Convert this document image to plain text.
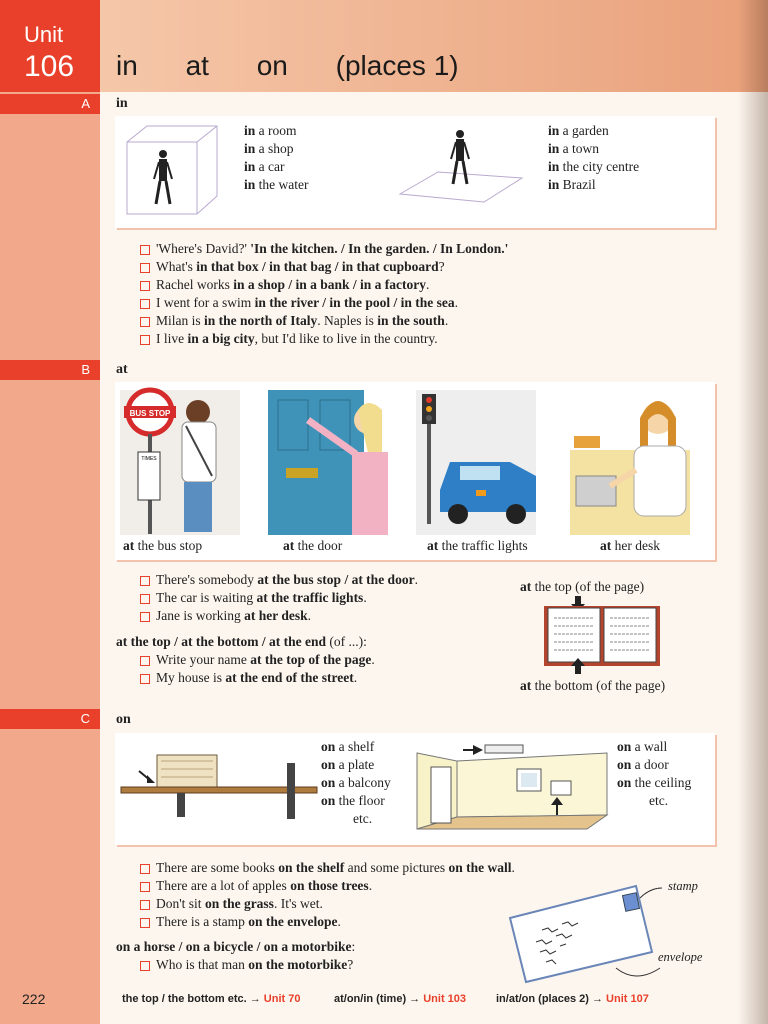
Unit
106 in at on (places 1)
A	in
in a room
in a shop
in a car
in the water
in a garden
in a town
in the city centre
in Brazil
'Where's David?' 'In the kitchen. / In the garden. / In London.'
What's in that box / in that bag / in that cupboard?
Rachel works in a shop / in a bank / in a factory.
I went for a swim in the river / in the pool / in the sea.
Milan is in the north of Italy. Naples is in the south.
I live in a big city, but I'd like to live in the country.
B	at
BUS STOP
TIMES
at the bus stop	at the door	at the traffic lights	at her desk
There's somebody at the bus stop / at the door.
The car is waiting at the traffic lights.
Jane is working at her desk.
at the top / at the bottom / at the end (of ...):
Write your name at the top of the page.
My house is at the end of the street.
at the top (of the page)
at the bottom (of the page)
C	on
on a shelf
on a plate
on a balcony
on the floor
etc.
on a wall
on a door
on the ceiling
etc.
There are some books on the shelf and some pictures on the wall.
There are a lot of apples on those trees.
Don't sit on the grass. It's wet.
There is a stamp on the envelope.
on a horse / on a bicycle / on a motorbike:
Who is that man on the motorbike?
stamp
envelope
222	the top / the bottom etc. → Unit 70	at/on/in (time) → Unit 103	in/at/on (places 2) → Unit 107
